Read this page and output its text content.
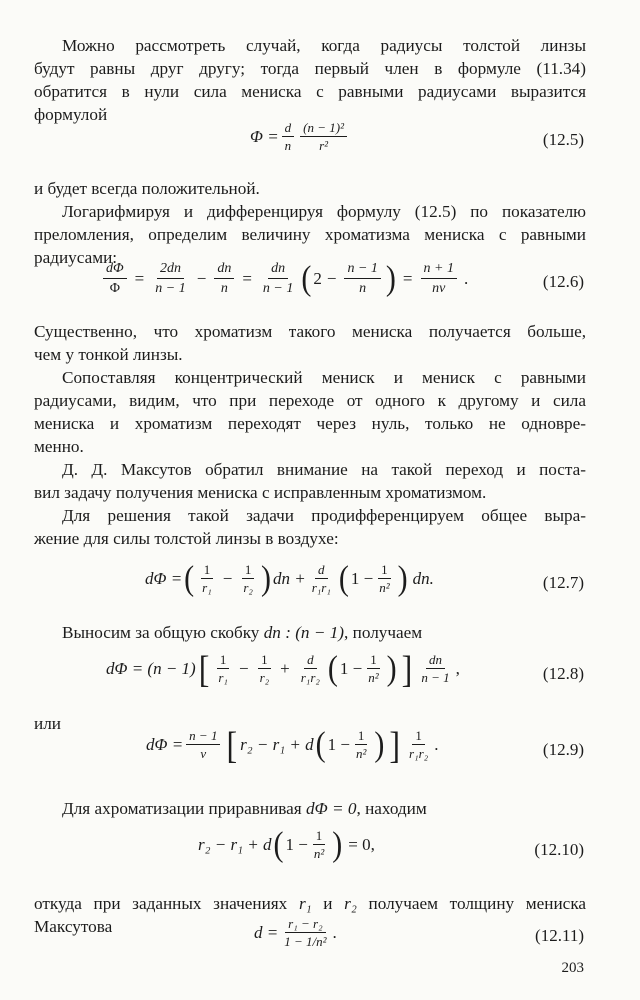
Можно рассмотреть случай, когда радиусы толстой линзы
будут равны друг другу; тогда первый член в формуле (11.34)
обратится в нули сила мениска с равными радиусами выразится
формулой
$\Phi = \frac{d}{n} \frac{\text{(n − 1)²}}{\text{r²}}$	(12.5)
и будет всегда положительной.
Логарифмируя и дифференцируя формулу (12.5) по показателю
преломления, определим величину хроматизма мениска с равными
радиусами:
$\frac{d\Phi}{\Phi} = \frac{2dn}{n - 1} - \frac{dn}{n} = \frac{dn}{n - 1}$ ( $2 - \frac{n - 1}{n}$ ) = $\frac{n + 1}{n\nu}$ .	(12.6)
Существенно, что хроматизм такого мениска получается больше,
чем у тонкой линзы.
Сопоставляя концентрический мениск и мениск с равными
радиусами, видим, что при переходе от одного к другому и сила
мениска и хроматизм переходят через нуль, только не одновре-
менно.
Д. Д. Максутов обратил внимание на такой переход и поста-
вил задачу получения мениска с исправленным хроматизмом.
Для решения такой задачи продифференцируем общее выра-
жение для силы толстой линзы в воздухе:
dΦ = ( $\frac{1}{\text{r₁}} - \frac{1}{\text{r₂}}$ ) dn + $\frac{d}{\text{r₁r₁}}$ ( $1 - \frac{1}{\text{n²}}$ ) dn.	(12.7)
Выносим за общую скобку dn : (n − 1), получаем
dΦ = (n − 1) [ $\frac{1}{\text{r₁}} - \frac{1}{\text{r₂}} + \frac{d}{\text{r₁r₂}}$ ( $1 - \frac{1}{\text{n²}}$ ) ] $\frac{dn}{n - 1}$ ,	(12.8)
или
$d\Phi = \frac{n - 1}{\nu}$ [ r₂ − r₁ + d ( $1 - \frac{1}{\text{n²}}$ ) ] $\frac{1}{\text{r₁r₂}}$ .	(12.9)
Для ахроматизации приравнивая dΦ = 0, находим
r₂ − r₁ + d ( $1 - \frac{1}{\text{n²}}$ ) = 0,	(12.10)
откуда при заданных значениях r₁ и r₂ получаем толщину мениска
Максутова	$d = \frac{\text{r₁ − r₂}}{\text{1 − 1/n²}}$ .	(12.11)
203
